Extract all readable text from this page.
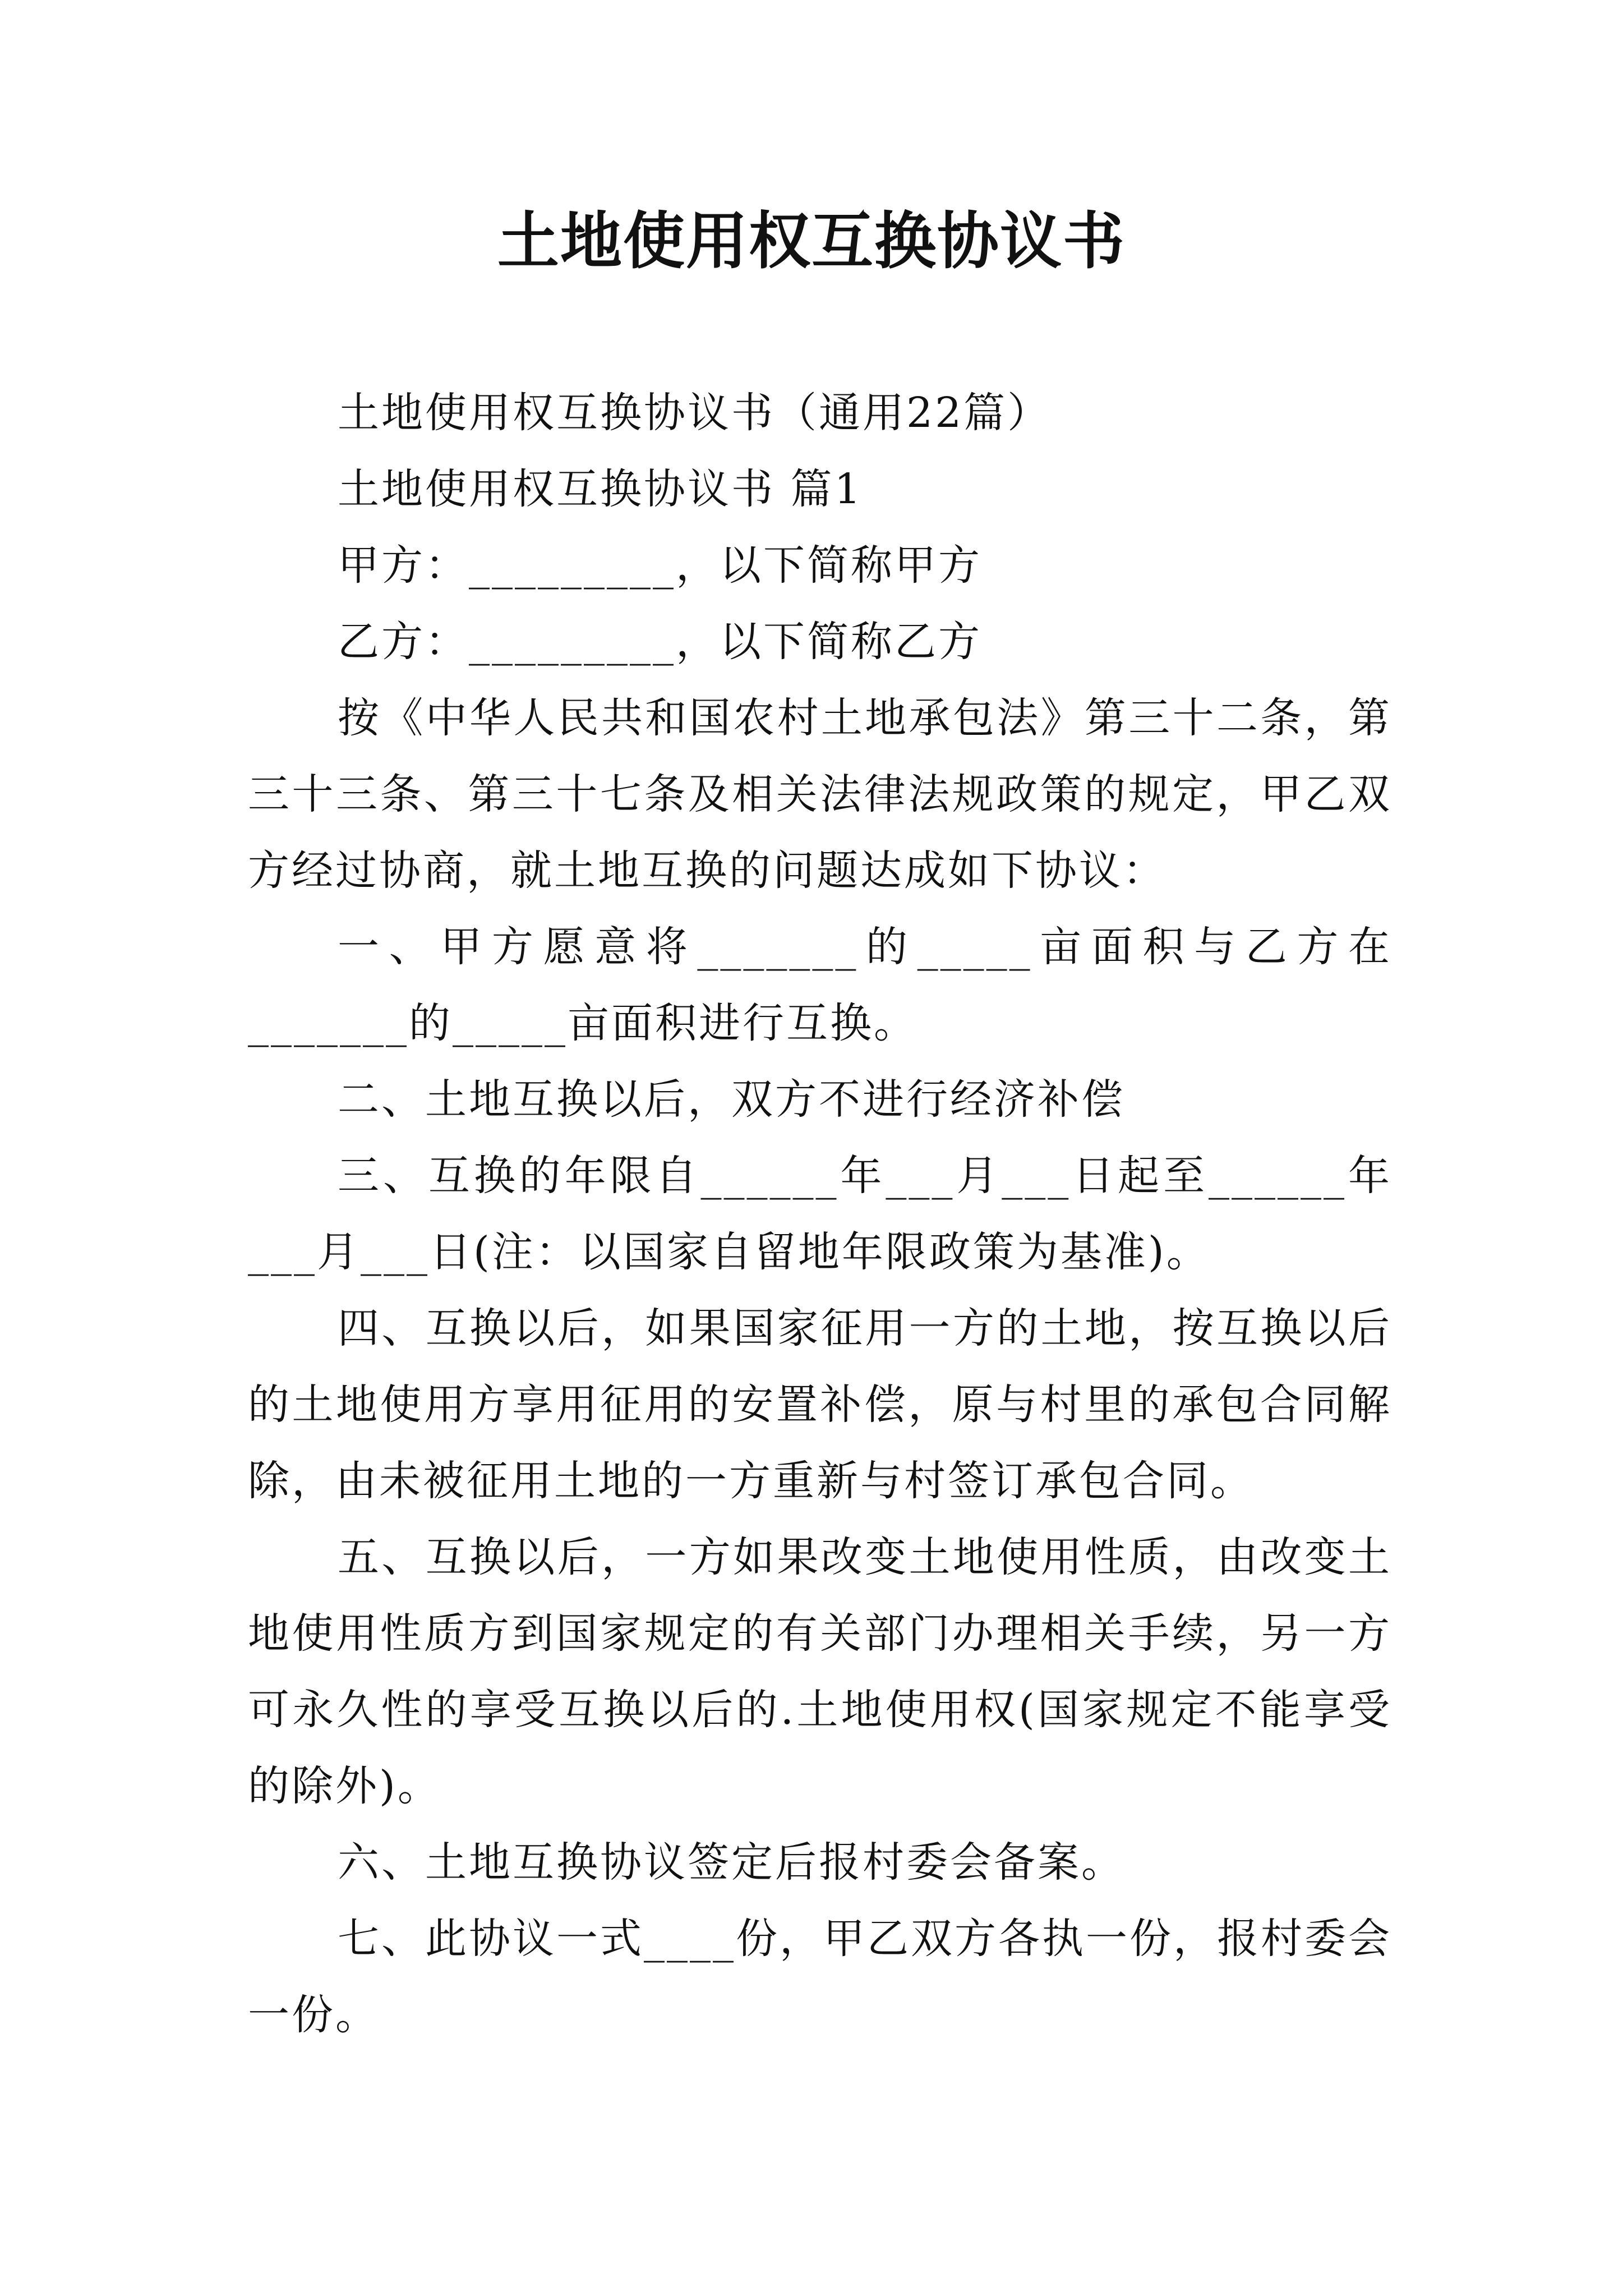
土地使用权互换协议书

土地使用权互换协议书（通用22篇）

土地使用权互换协议书 篇1

甲方：_________，以下简称甲方

乙方：_________，以下简称乙方

按《中华人民共和国农村土地承包法》第三十二条，第三十三条、第三十七条及相关法律法规政策的规定，甲乙双方经过协商，就土地互换的问题达成如下协议：

一、甲方愿意将_______的_____亩面积与乙方在_______的_____亩面积进行互换。

二、土地互换以后，双方不进行经济补偿

三、互换的年限自______年___月___日起至______年___月___日(注：以国家自留地年限政策为基准)。

四、互换以后，如果国家征用一方的土地，按互换以后的土地使用方享用征用的安置补偿，原与村里的承包合同解除，由未被征用土地的一方重新与村签订承包合同。

五、互换以后，一方如果改变土地使用性质，由改变土地使用性质方到国家规定的有关部门办理相关手续，另一方可永久性的享受互换以后的.土地使用权(国家规定不能享受的除外)。

六、土地互换协议签定后报村委会备案。

七、此协议一式____份，甲乙双方各执一份，报村委会一份。
